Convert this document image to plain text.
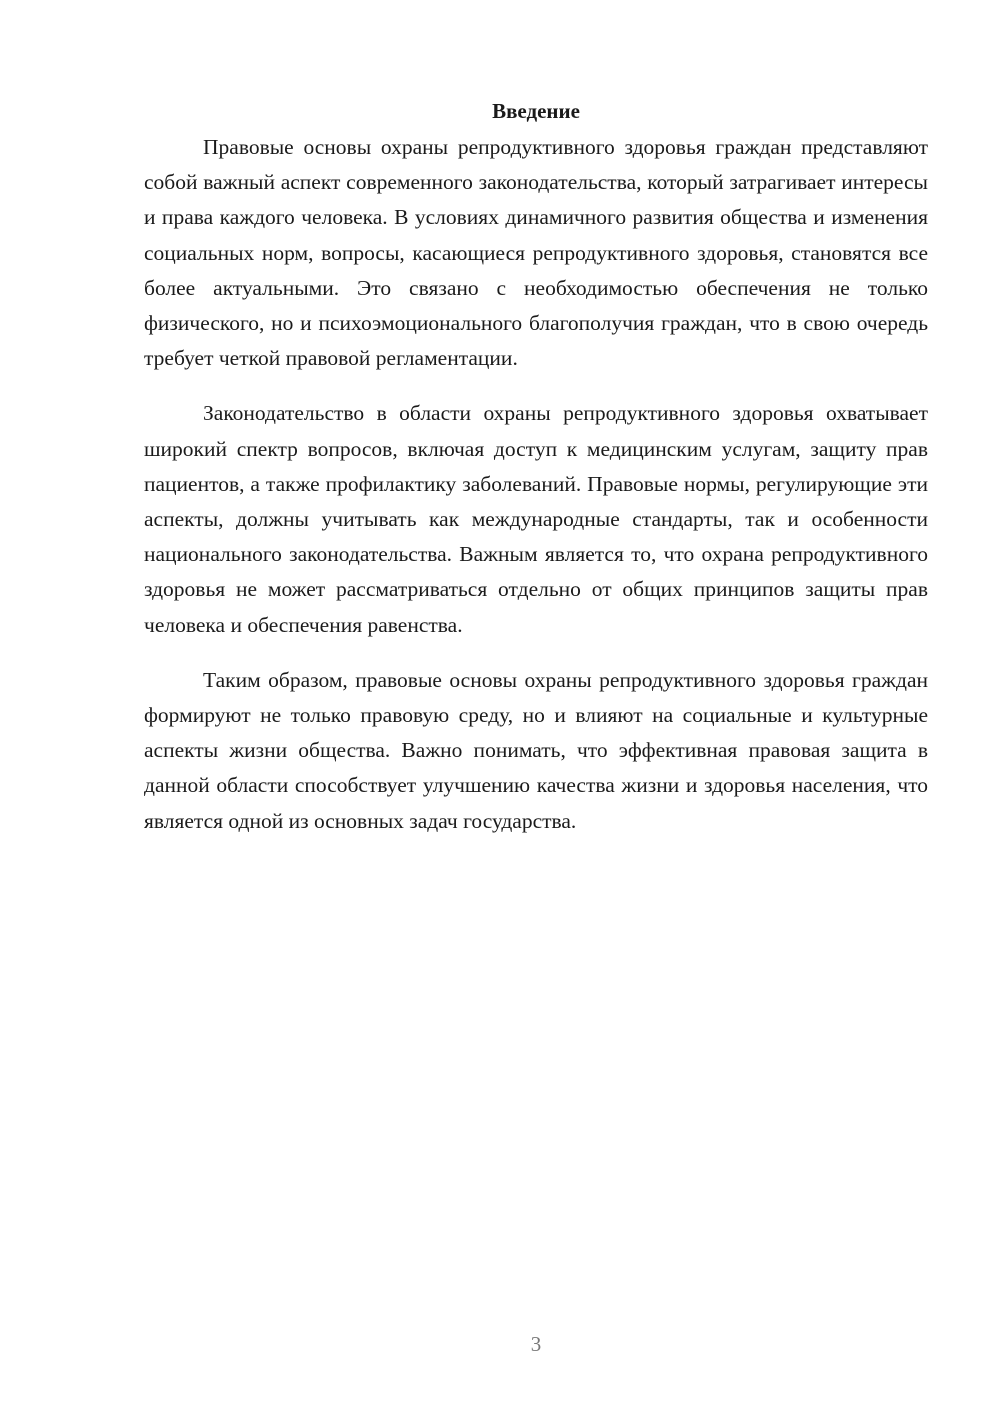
Введение

Правовые основы охраны репродуктивного здоровья граждан представляют собой важный аспект современного законодательства, который затрагивает интересы и права каждого человека. В условиях динамичного развития общества и изменения социальных норм, вопросы, касающиеся репродуктивного здоровья, становятся все более актуальными. Это связано с необходимостью обеспечения не только физического, но и психоэмоционального благополучия граждан, что в свою очередь требует четкой правовой регламентации.

Законодательство в области охраны репродуктивного здоровья охватывает широкий спектр вопросов, включая доступ к медицинским услугам, защиту прав пациентов, а также профилактику заболеваний. Правовые нормы, регулирующие эти аспекты, должны учитывать как международные стандарты, так и особенности национального законодательства. Важным является то, что охрана репродуктивного здоровья не может рассматриваться отдельно от общих принципов защиты прав человека и обеспечения равенства.

Таким образом, правовые основы охраны репродуктивного здоровья граждан формируют не только правовую среду, но и влияют на социальные и культурные аспекты жизни общества. Важно понимать, что эффективная правовая защита в данной области способствует улучшению качества жизни и здоровья населения, что является одной из основных задач государства.

3
